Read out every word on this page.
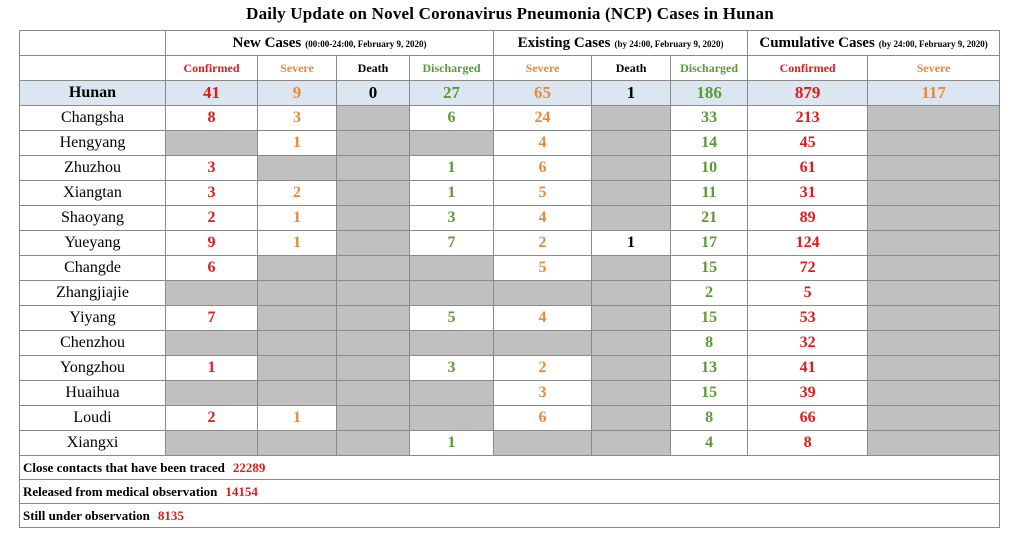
Daily Update on Novel Coronavirus Pneumonia (NCP) Cases in Hunan
	New Cases (00:00-24:00, February 9, 2020)				Existing Cases (by 24:00, February 9, 2020)			Cumulative Cases (by 24:00, February 9, 2020)	
	Confirmed	Severe	Death	Discharged	Severe	Death	Discharged	Confirmed	Severe
Hunan	41	9	0	27	65	1	186	879	117
Changsha	8	3		6	24		33	213	
Hengyang		1			4		14	45	
Zhuzhou	3			1	6		10	61	
Xiangtan	3	2		1	5		11	31	
Shaoyang	2	1		3	4		21	89	
Yueyang	9	1		7	2	1	17	124	
Changde	6				5		15	72	
Zhangjiajie							2	5	
Yiyang	7			5	4		15	53	
Chenzhou							8	32	
Yongzhou	1			3	2		13	41	
Huaihua					3		15	39	
Loudi	2	1			6		8	66	
Xiangxi				1			4	8	
Close contacts that have been traced 22289									
Released from medical observation 14154									
Still under observation 8135									
